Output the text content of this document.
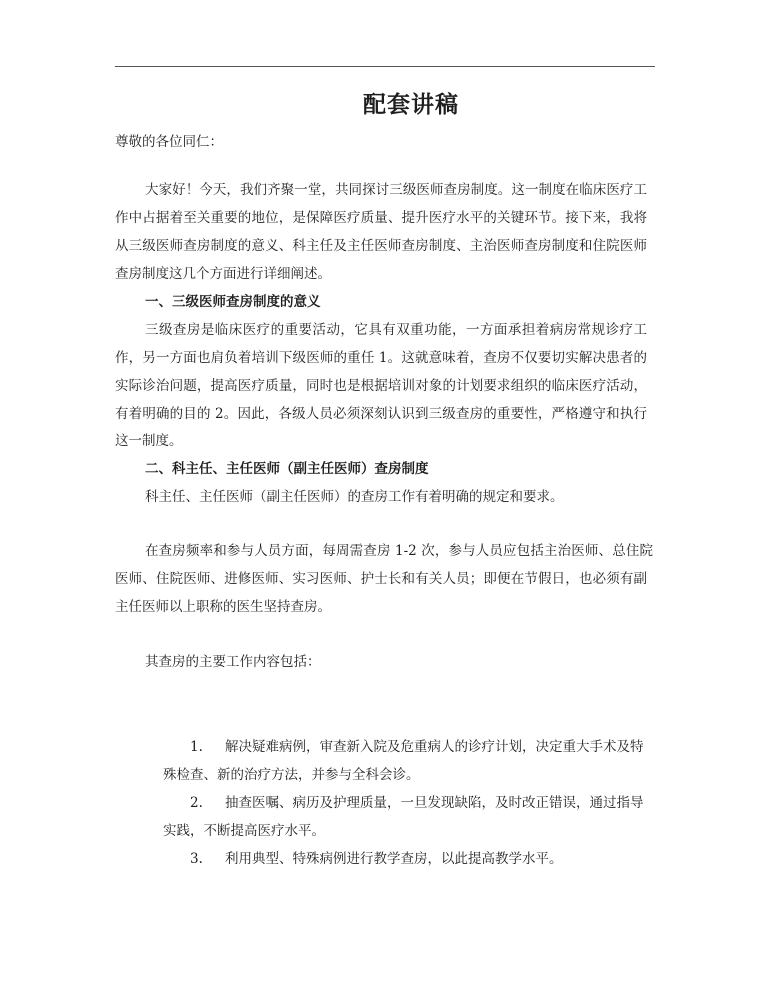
配套讲稿
尊敬的各位同仁：
大家好！今天，我们齐聚一堂，共同探讨三级医师查房制度。这一制度在临床医疗工
作中占据着至关重要的地位，是保障医疗质量、提升医疗水平的关键环节。接下来，我将
从三级医师查房制度的意义、科主任及主任医师查房制度、主治医师查房制度和住院医师
查房制度这几个方面进行详细阐述。
一、三级医师查房制度的意义
三级查房是临床医疗的重要活动，它具有双重功能，一方面承担着病房常规诊疗工
作，另一方面也肩负着培训下级医师的重任 1。这就意味着，查房不仅要切实解决患者的
实际诊治问题，提高医疗质量，同时也是根据培训对象的计划要求组织的临床医疗活动，
有着明确的目的 2。因此，各级人员必须深刻认识到三级查房的重要性，严格遵守和执行
这一制度。
二、科主任、主任医师（副主任医师）查房制度
科主任、主任医师（副主任医师）的查房工作有着明确的规定和要求。
在查房频率和参与人员方面，每周需查房 1-2 次，参与人员应包括主治医师、总住院
医师、住院医师、进修医师、实习医师、护士长和有关人员；即便在节假日，也必须有副
主任医师以上职称的医生坚持查房。
其查房的主要工作内容包括：
1.	解决疑难病例，审查新入院及危重病人的诊疗计划，决定重大手术及特
殊检查、新的治疗方法，并参与全科会诊。
2.	抽查医嘱、病历及护理质量，一旦发现缺陷，及时改正错误，通过指导
实践，不断提高医疗水平。
3.	利用典型、特殊病例进行教学查房，以此提高教学水平。
